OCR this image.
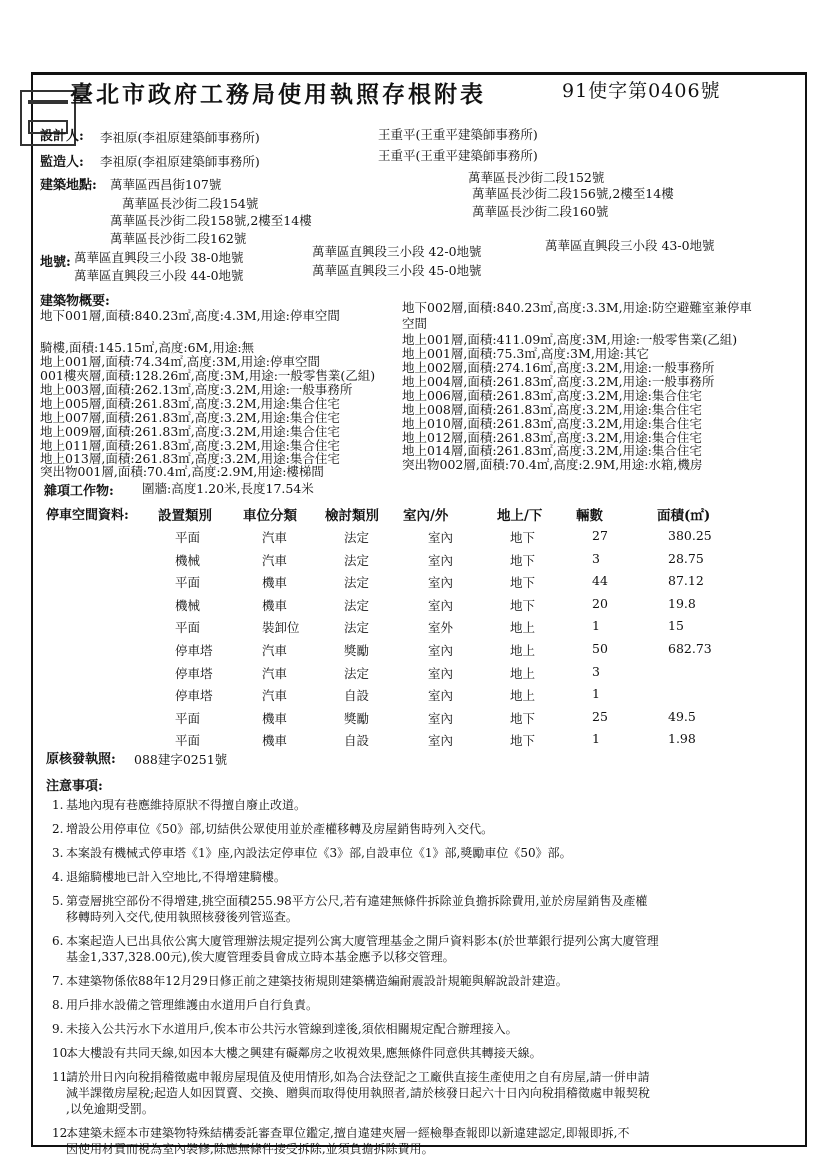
臺北市政府工務局使用執照存根附表	91使字第0406號
設計人: 李祖原(李祖原建築師事務所)	王重平(王重平建築師事務所)
監造人: 李祖原(李祖原建築師事務所)	王重平(王重平建築師事務所)
建築地點: 萬華區西昌街107號
萬華區長沙街二段154號
萬華區長沙街二段158號,2樓至14樓
萬華區長沙街二段162號
萬華區長沙街二段152號
萬華區長沙街二段156號,2樓至14樓
萬華區長沙街二段160號
地號: 萬華區直興段三小段 38-0地號	萬華區直興段三小段 42-0地號	萬華區直興段三小段 43-0地號
萬華區直興段三小段 44-0地號	萬華區直興段三小段 45-0地號
建築物概要:
地下001層,面積:840.23㎡,高度:4.3M,用途:停車空間
騎樓,面積:145.15㎡,高度:6M,用途:無
地上001層,面積:74.34㎡,高度:3M,用途:停車空間
001樓夾層,面積:128.26㎡,高度:3M,用途:一般零售業(乙組)
地上003層,面積:262.13㎡,高度:3.2M,用途:一般事務所
地上005層,面積:261.83㎡,高度:3.2M,用途:集合住宅
地上007層,面積:261.83㎡,高度:3.2M,用途:集合住宅
地上009層,面積:261.83㎡,高度:3.2M,用途:集合住宅
地上011層,面積:261.83㎡,高度:3.2M,用途:集合住宅
地上013層,面積:261.83㎡,高度:3.2M,用途:集合住宅
突出物001層,面積:70.4㎡,高度:2.9M,用途:樓梯間
地下002層,面積:840.23㎡,高度:3.3M,用途:防空避難室兼停車
空間
地上001層,面積:411.09㎡,高度:3M,用途:一般零售業(乙組)
地上001層,面積:75.3㎡,高度:3M,用途:其它
地上002層,面積:274.16㎡,高度:3.2M,用途:一般事務所
地上004層,面積:261.83㎡,高度:3.2M,用途:一般事務所
地上006層,面積:261.83㎡,高度:3.2M,用途:集合住宅
地上008層,面積:261.83㎡,高度:3.2M,用途:集合住宅
地上010層,面積:261.83㎡,高度:3.2M,用途:集合住宅
地上012層,面積:261.83㎡,高度:3.2M,用途:集合住宅
地上014層,面積:261.83㎡,高度:3.2M,用途:集合住宅
突出物002層,面積:70.4㎡,高度:2.9M,用途:水箱,機房
雜項工作物: 圍牆:高度1.20米,長度17.54米
停車空間資料: 設置類別 車位分類 檢討類別 室內/外	地上/下 輛數	面積(㎡)
平面	汽車	法定	室內	地下	27	380.25
機械	汽車	法定	室內	地下	3	28.75
平面	機車	法定	室內	地下	44	87.12
機械	機車	法定	室內	地下	20	19.8
平面	裝卸位	法定	室外	地上	1	15
停車塔	汽車	獎勵	室內	地上	50	682.73
停車塔	汽車	法定	室內	地上	3
停車塔	汽車	自設	室內	地上	1
平面	機車	獎勵	室內	地下	25	49.5
平面	機車	自設	室內	地下	1	1.98
原核發執照: 088建字0251號
注意事項:
1. 基地內現有巷應維持原狀不得擅自廢止改道。
2. 增設公用停車位《50》部,切結供公眾使用並於產權移轉及房屋銷售時列入交代。
3. 本案設有機械式停車塔《1》座,內設法定停車位《3》部,自設車位《1》部,獎勵車位《50》部。
4. 退縮騎樓地已計入空地比,不得增建騎樓。
5. 第壹層挑空部份不得增建,挑空面積255.98平方公尺,若有違建無條件拆除並負擔拆除費用,並於房屋銷售及產權
移轉時列入交代,使用執照核發後列管巡查。
6. 本案起造人已出具依公寓大廈管理辦法規定提列公寓大廈管理基金之開戶資料影本(於世華銀行提列公寓大廈管理
基金1,337,328.00元),俟大廈管理委員會成立時本基金應予以移交管理。
7. 本建築物係依88年12月29日修正前之建築技術規則建築構造編耐震設計規範與解說設計建造。
8. 用戶排水設備之管理維護由水道用戶自行負責。
9. 未接入公共污水下水道用戶,俟本市公共污水管線到達後,須依相關規定配合辦理接入。
10.本大樓設有共同天線,如因本大樓之興建有礙鄰房之收視效果,應無條件同意供其轉接天線。
11.請於卅日內向稅捐稽徵處申報房屋現值及使用情形,如為合法登記之工廠供直接生產使用之自有房屋,請一併申請
減半課徵房屋稅;起造人如因買賣、交換、贈與而取得使用執照者,請於核發日起六十日內向稅捐稽徵處申報契稅
,以免逾期受罰。
12.本建築未經本市建築物特殊結構委託審查單位鑑定,擅自違建夾層一經檢舉查報即以新違建認定,即報即拆,不
因使用材質而視為室內裝修,除應無條件接受拆除,並須負擔拆除費用。
